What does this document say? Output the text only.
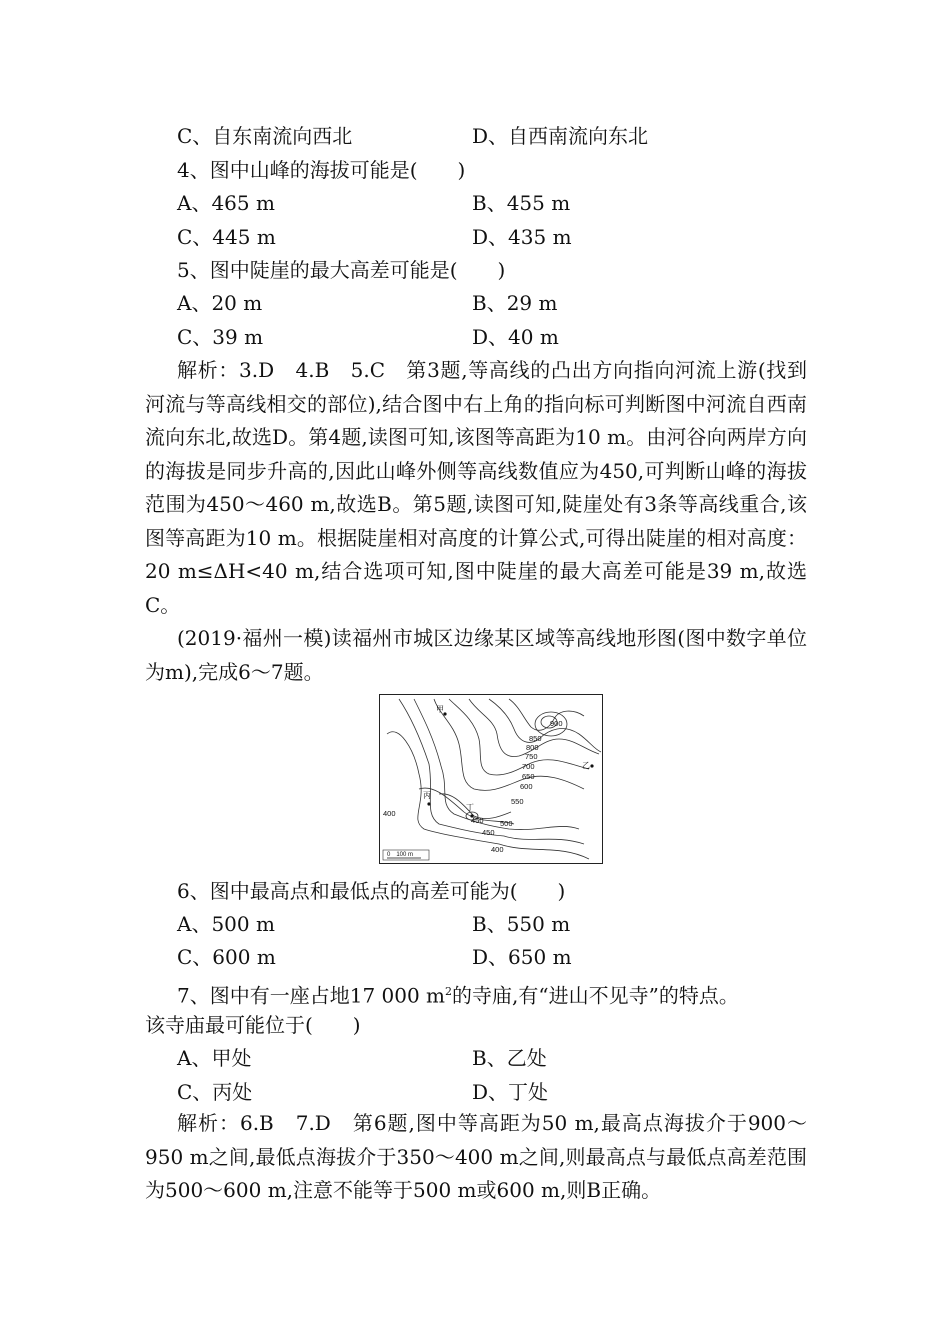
C、自东南流向西北	D、自西南流向东北
4、图中山峰的海拔可能是(　　)
A、465 m	B、455 m
C、445 m	D、435 m
5、图中陡崖的最大高差可能是(　　)
A、20 m	B、29 m
C、39 m	D、40 m
解析：3.D　4.B　5.C　第3题,等高线的凸出方向指向河流上游(找到河流与等高线相交的部位),结合图中右上角的指向标可判断图中河流自西南流向东北,故选D。第4题,读图可知,该图等高距为10 m。由河谷向两岸方向的海拔是同步升高的,因此山峰外侧等高线数值应为450,可判断山峰的海拔范围为450～460 m,故选B。第5题,读图可知,陡崖处有3条等高线重合,该图等高距为10 m。根据陡崖相对高度的计算公式,可得出陡崖的相对高度：20 m≤ΔH<40 m,结合选项可知,图中陡崖的最大高差可能是39 m,故选C。
(2019·福州一模)读福州市城区边缘某区域等高线地形图(图中数字单位为m),完成6～7题。
甲
乙
丙
丁
900
850
800
750
700
650
600
550
500
450
450
400
400
0　100 m
6、图中最高点和最低点的高差可能为(　　)
A、500 m	B、550 m
C、600 m	D、650 m
7、图中有一座占地17 000 $m^2$的寺庙,有“进山不见寺”的特点。
该寺庙最可能位于(　　)
A、甲处	B、乙处
C、丙处	D、丁处
解析：6.B　7.D　第6题,图中等高距为50 m,最高点海拔介于900～950 m之间,最低点海拔介于350～400 m之间,则最高点与最低点高差范围为500～600 m,注意不能等于500 m或600 m,则B正确。
